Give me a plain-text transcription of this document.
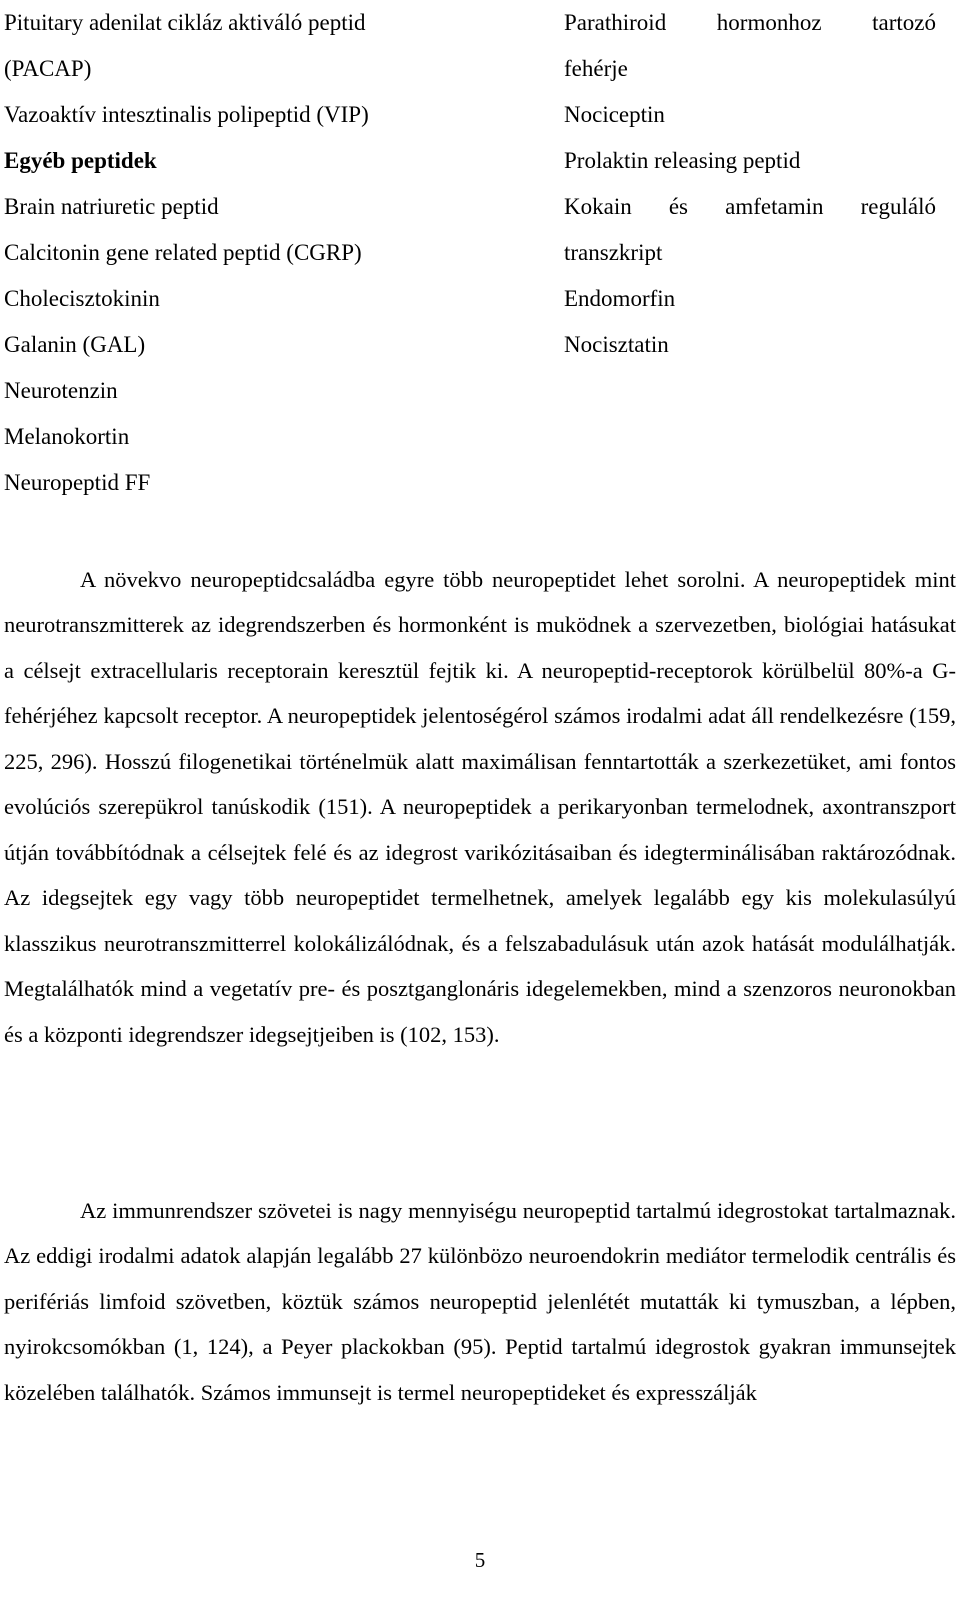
Pituitary adenilat cikláz aktiváló peptid
(PACAP)
Vazoaktív intesztinalis polipeptid (VIP)
Egyéb peptidek
Brain natriuretic peptid
Calcitonin gene related peptid (CGRP)
Cholecisztokinin
Galanin (GAL)
Neurotenzin
Melanokortin
Neuropeptid FF
Parathiroid hormonhoz tartozó
fehérje
Nociceptin
Prolaktin releasing peptid
Kokain és amfetamin reguláló
transzkript
Endomorfin
Nocisztatin

A növekvo neuropeptidcsaládba egyre több neuropeptidet lehet sorolni. A neuropeptidek mint neurotranszmitterek az idegrendszerben és hormonként is muködnek a szervezetben, biológiai hatásukat a célsejt extracellularis receptorain keresztül fejtik ki. A neuropeptid-receptorok körülbelül 80%-a G-fehérjéhez kapcsolt receptor. A neuropeptidek jelentoségérol számos irodalmi adat áll rendelkezésre (159, 225, 296). Hosszú filogenetikai történelmük alatt maximálisan fenntartották a szerkezetüket, ami fontos evolúciós szerepükrol tanúskodik (151). A neuropeptidek a perikaryonban termelodnek, axontranszport útján továbbítódnak a célsejtek felé és az idegrost varikózitásaiban és idegterminálisában raktározódnak. Az idegsejtek egy vagy több neuropeptidet termelhetnek, amelyek legalább egy kis molekulasúlyú klasszikus neurotranszmitterrel kolokálizálódnak, és a felszabadulásuk után azok hatását modulálhatják. Megtalálhatók mind a vegetatív pre- és posztganglonáris idegelemekben, mind a szenzoros neuronokban és a központi idegrendszer idegsejtjeiben is (102, 153).

Az immunrendszer szövetei is nagy mennyiségu neuropeptid tartalmú idegrostokat tartalmaznak. Az eddigi irodalmi adatok alapján legalább 27 különbözo neuroendokrin mediátor termelodik centrális és perifériás limfoid szövetben, köztük számos neuropeptid jelenlétét mutatták ki tymuszban, a lépben, nyirokcsomókban (1, 124), a Peyer plackokban (95). Peptid tartalmú idegrostok gyakran immunsejtek közelében találhatók. Számos immunsejt is termel neuropeptideket és expresszálják

5
